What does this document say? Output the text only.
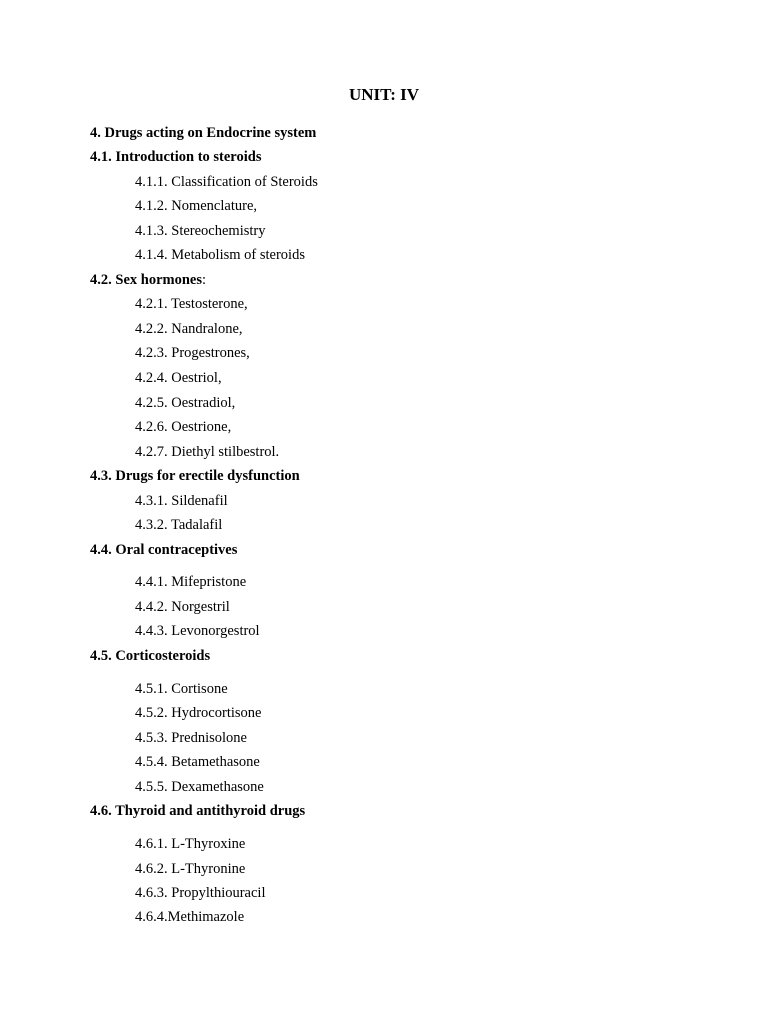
UNIT: IV
4. Drugs acting on Endocrine system
4.1. Introduction to steroids
4.1.1. Classification of Steroids
4.1.2. Nomenclature,
4.1.3. Stereochemistry
4.1.4. Metabolism of steroids
4.2. Sex hormones:
4.2.1. Testosterone,
4.2.2. Nandralone,
4.2.3. Progestrones,
4.2.4. Oestriol,
4.2.5. Oestradiol,
4.2.6. Oestrione,
4.2.7. Diethyl stilbestrol.
4.3. Drugs for erectile dysfunction
4.3.1. Sildenafil
4.3.2. Tadalafil
4.4. Oral contraceptives
4.4.1. Mifepristone
4.4.2. Norgestril
4.4.3. Levonorgestrol
4.5. Corticosteroids
4.5.1. Cortisone
4.5.2. Hydrocortisone
4.5.3. Prednisolone
4.5.4. Betamethasone
4.5.5. Dexamethasone
4.6. Thyroid and antithyroid drugs
4.6.1. L-Thyroxine
4.6.2. L-Thyronine
4.6.3. Propylthiouracil
4.6.4.Methimazole
